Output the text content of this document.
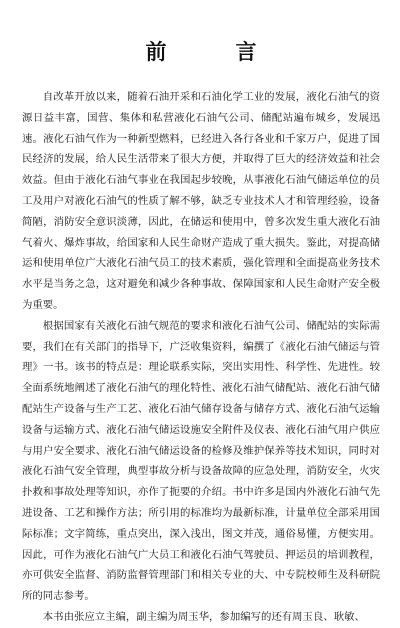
前　言

自改革开放以来，随着石油开采和石油化学工业的发展，液化石油气的资源日益丰富，国营、集体和私营液化石油气公司、储配站遍布城乡，发展迅速。液化石油气作为一种新型燃料，已经进入各行各业和千家万户，促进了国民经济的发展，给人民生活带来了很大方便，并取得了巨大的经济效益和社会效益。但由于液化石油气事业在我国起步较晚，从事液化石油气储运单位的员工及用户对液化石油气的性质了解不够，缺乏专业技术人才和管理经验，设备简陋，消防安全意识淡薄，因此，在储运和使用中，曾多次发生重大液化石油气着火、爆炸事故，给国家和人民生命财产造成了重大损失。鉴此，对提高储运和使用单位广大液化石油气员工的技术素质，强化管理和全面提高业务技术水平是当务之急，这对避免和减少各种事故、保障国家和人民生命财产安全极为重要。

根据国家有关液化石油气规范的要求和液化石油气公司、储配站的实际需要，我们在有关部门的指导下，广泛收集资料，编撰了《液化石油气储运与管理》一书。该书的特点是：理论联系实际，突出实用性、科学性、先进性。较全面系统地阐述了液化石油气的理化特性、液化石油气储配站、液化石油气储配站生产设备与生产工艺、液化石油气储存设备与储存方式、液化石油气运输设备与运输方式、液化石油气储运设施安全附件及仪表、液化石油气用户供应与用户安全要求、液化石油气储运设备的检修及维护保养等技术知识，同时对液化石油气安全管理，典型事故分析与设备故障的应急处理，消防安全，火灾扑救和事故处理等知识，亦作了扼要的介绍。书中许多是国内外液化石油气先进设备、工艺和操作方法；所引用的标准均为最新标准，计量单位全部采用国际标准；文字简练，重点突出，深入浅出，图文并茂，通俗易懂，方便实用。因此，可作为液化石油气广大员工和液化石油气驾驶员、押运员的培训教程，亦可供安全监督、消防监督管理部门和相关专业的大、中专院校师生及科研院所的同志参考。

本书由张应立主编，副主编为周玉华，参加编写的还有周玉良、耿敏、
